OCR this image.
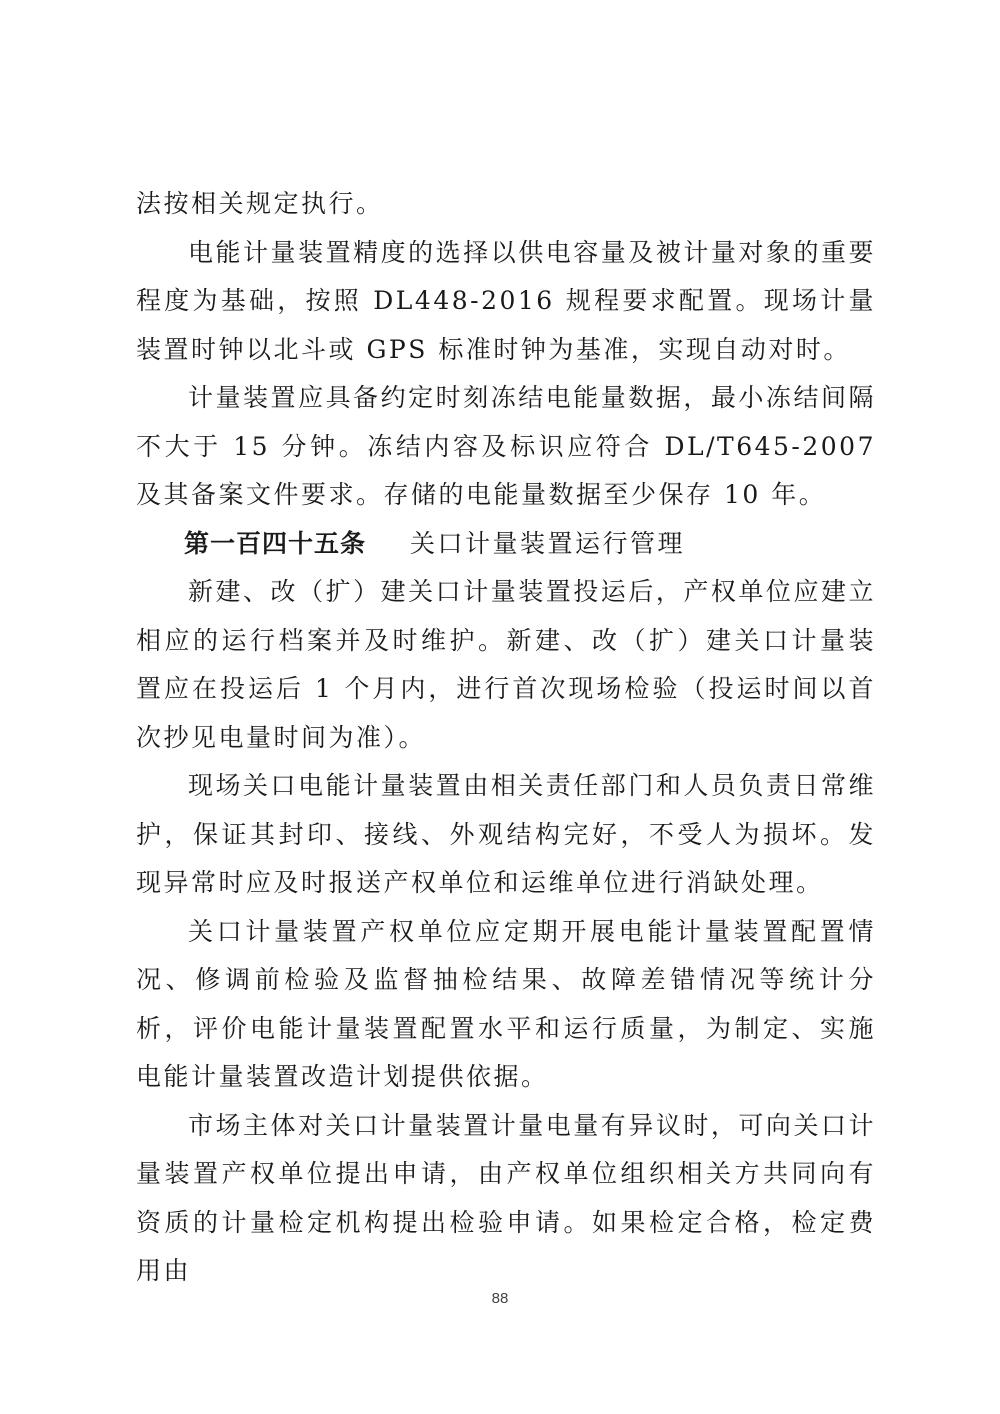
法按相关规定执行。

电能计量装置精度的选择以供电容量及被计量对象的重要程度为基础，按照 DL448-2016 规程要求配置。现场计量装置时钟以北斗或 GPS 标准时钟为基准，实现自动对时。

计量装置应具备约定时刻冻结电能量数据，最小冻结间隔不大于 15 分钟。冻结内容及标识应符合 DL/T645-2007 及其备案文件要求。存储的电能量数据至少保存 10 年。

第一百四十五条 关口计量装置运行管理

新建、改（扩）建关口计量装置投运后，产权单位应建立相应的运行档案并及时维护。新建、改（扩）建关口计量装置应在投运后 1 个月内，进行首次现场检验（投运时间以首次抄见电量时间为准）。

现场关口电能计量装置由相关责任部门和人员负责日常维护，保证其封印、接线、外观结构完好，不受人为损坏。发现异常时应及时报送产权单位和运维单位进行消缺处理。

关口计量装置产权单位应定期开展电能计量装置配置情况、修调前检验及监督抽检结果、故障差错情况等统计分析，评价电能计量装置配置水平和运行质量，为制定、实施电能计量装置改造计划提供依据。

市场主体对关口计量装置计量电量有异议时，可向关口计量装置产权单位提出申请，由产权单位组织相关方共同向有资质的计量检定机构提出检验申请。如果检定合格，检定费用由

88
